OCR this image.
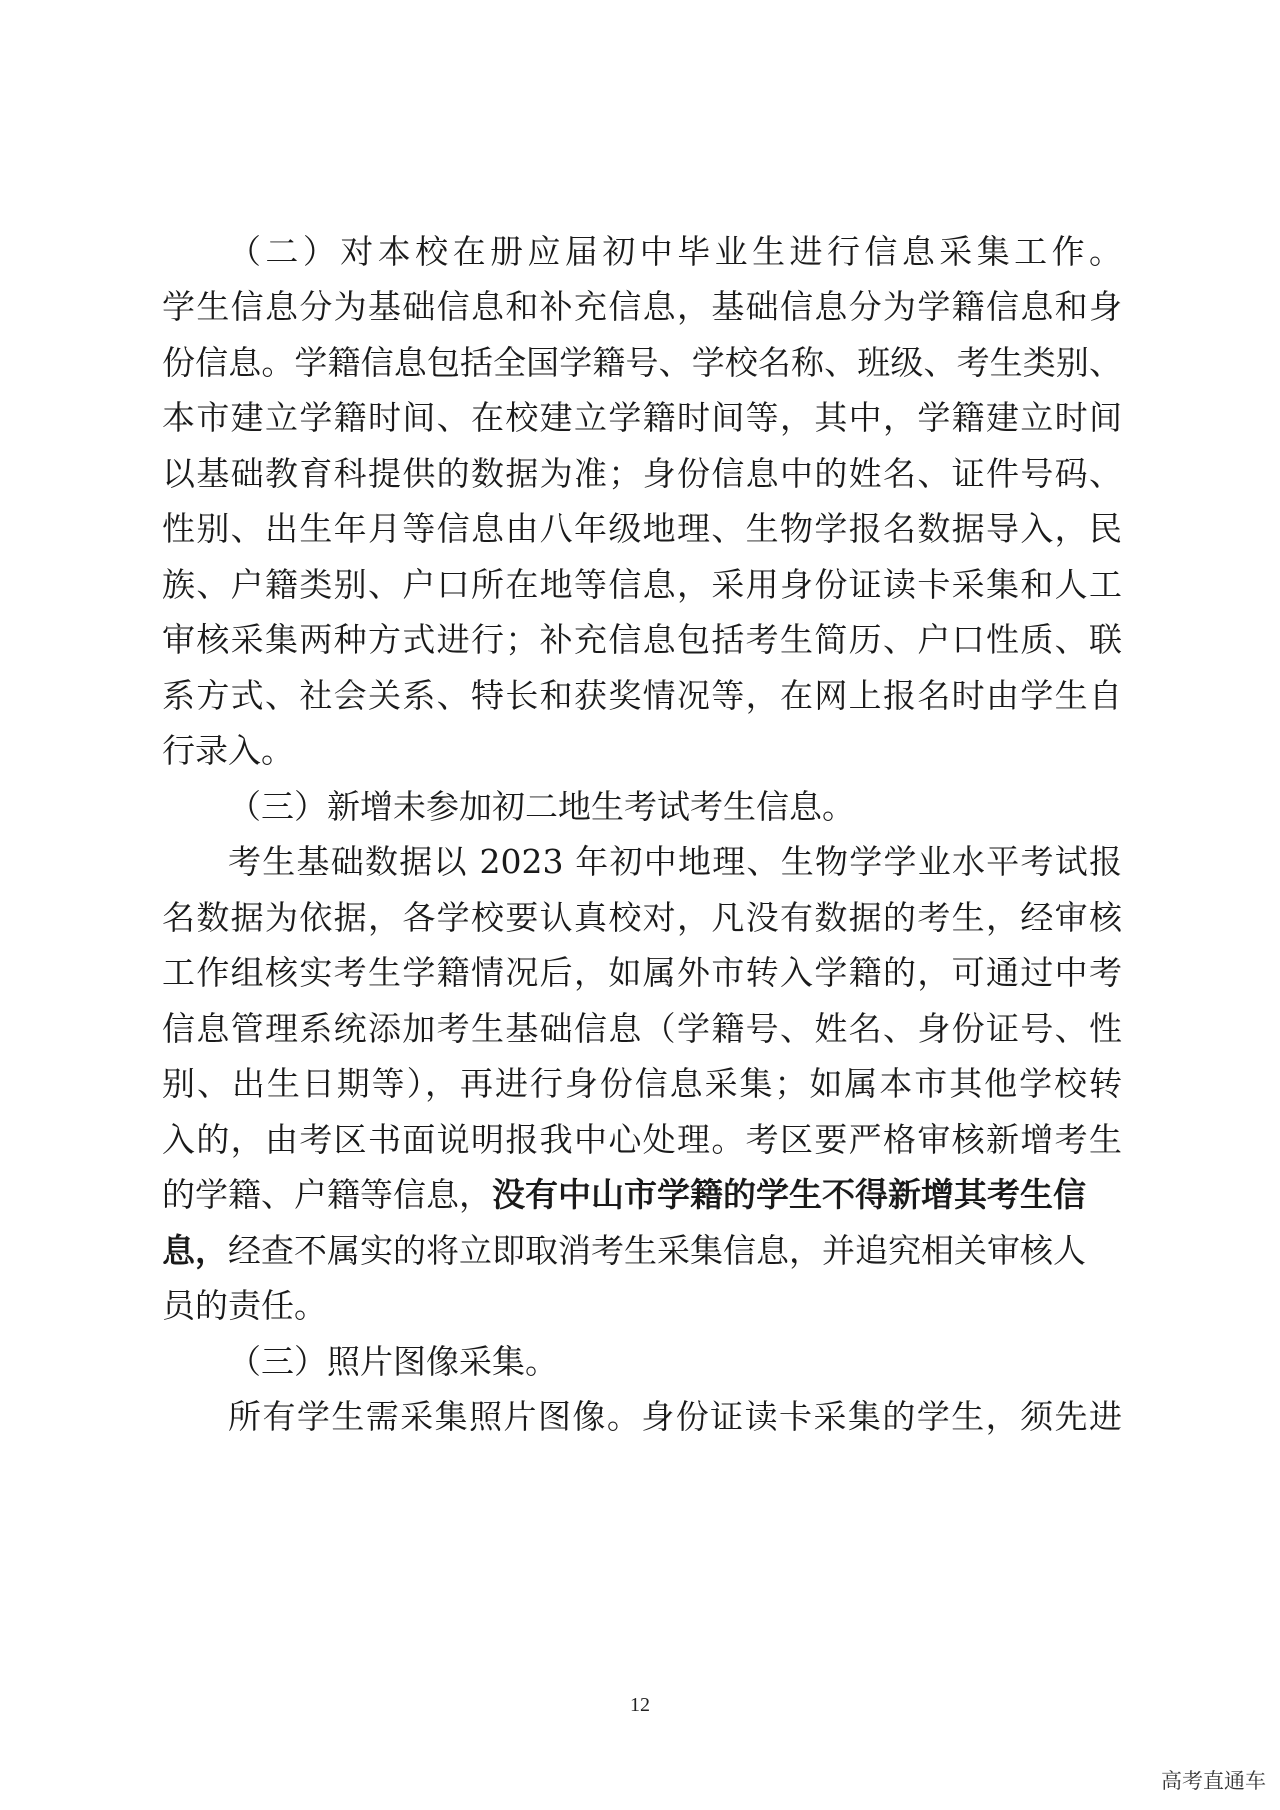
（二）对本校在册应届初中毕业生进行信息采集工作。
学生信息分为基础信息和补充信息，基础信息分为学籍信息和身
份信息。学籍信息包括全国学籍号、学校名称、班级、考生类别、
本市建立学籍时间、在校建立学籍时间等，其中，学籍建立时间
以基础教育科提供的数据为准；身份信息中的姓名、证件号码、
性别、出生年月等信息由八年级地理、生物学报名数据导入，民
族、户籍类别、户口所在地等信息，采用身份证读卡采集和人工
审核采集两种方式进行；补充信息包括考生简历、户口性质、联
系方式、社会关系、特长和获奖情况等，在网上报名时由学生自
行录入。
（三）新增未参加初二地生考试考生信息。
考生基础数据以 2023 年初中地理、生物学学业水平考试报
名数据为依据，各学校要认真校对，凡没有数据的考生，经审核
工作组核实考生学籍情况后，如属外市转入学籍的，可通过中考
信息管理系统添加考生基础信息（学籍号、姓名、身份证号、性
别、出生日期等），再进行身份信息采集；如属本市其他学校转
入的，由考区书面说明报我中心处理。考区要严格审核新增考生
的学籍、户籍等信息，没有中山市学籍的学生不得新增其考生信
息，经查不属实的将立即取消考生采集信息，并追究相关审核人
员的责任。
（三）照片图像采集。
所有学生需采集照片图像。身份证读卡采集的学生，须先进
12
高考直通车
